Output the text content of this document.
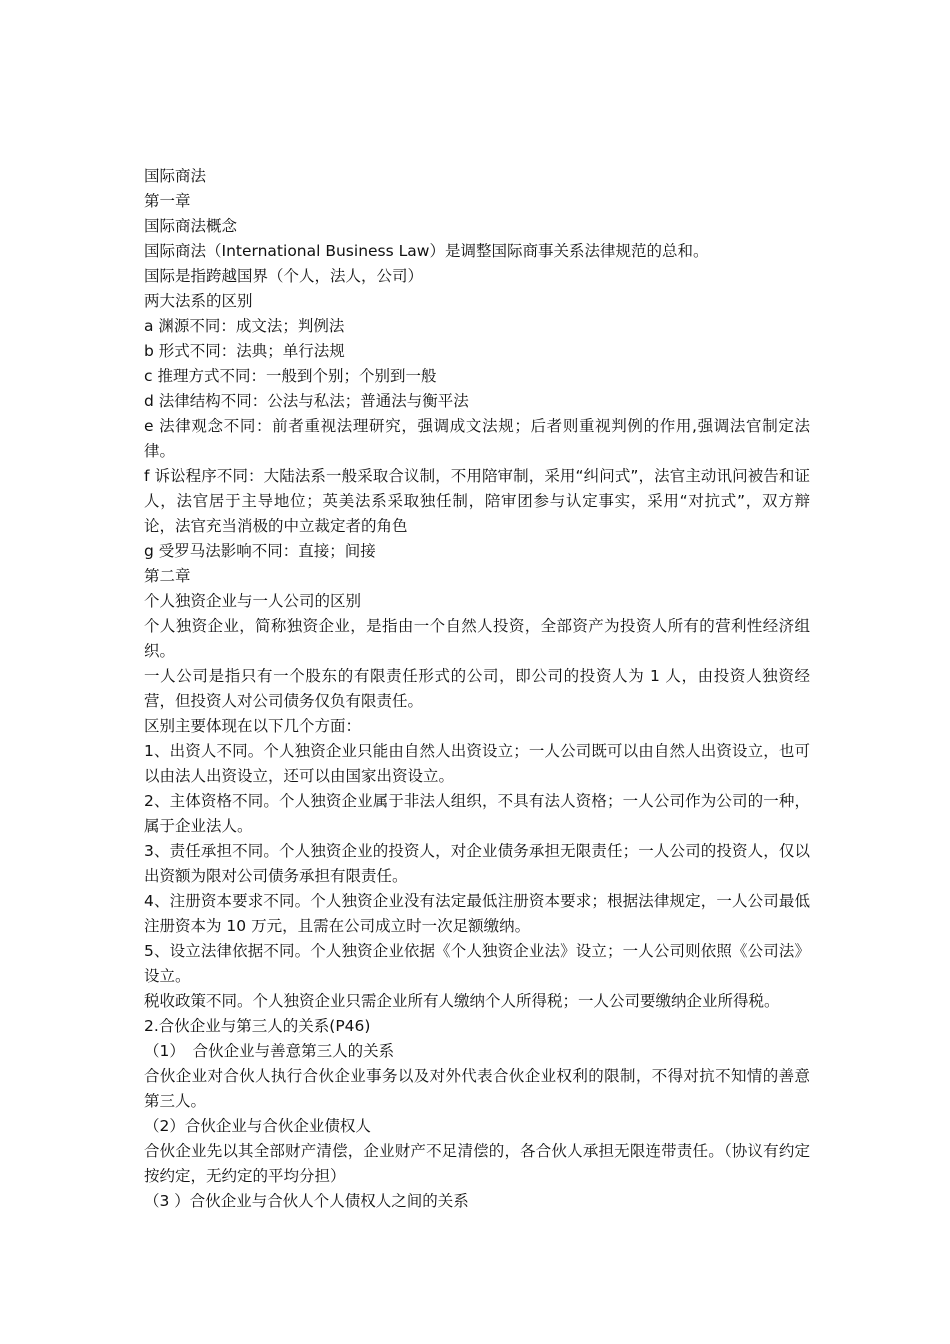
国际商法

第一章

国际商法概念

国际商法（International Business Law）是调整国际商事关系法律规范的总和。

国际是指跨越国界（个人，法人，公司）

两大法系的区别

a 渊源不同：成文法；判例法

b 形式不同：法典；单行法规

c 推理方式不同：一般到个别；个别到一般

d 法律结构不同：公法与私法；普通法与衡平法

e 法律观念不同：前者重视法理研究，强调成文法规；后者则重视判例的作用,强调法官制定法律。

f 诉讼程序不同：大陆法系一般采取合议制，不用陪审制，采用“纠问式”，法官主动讯问被告和证人，法官居于主导地位；英美法系采取独任制，陪审团参与认定事实，采用“对抗式”，双方辩论，法官充当消极的中立裁定者的角色

g 受罗马法影响不同：直接；间接

第二章

个人独资企业与一人公司的区别

个人独资企业，简称独资企业，是指由一个自然人投资，全部资产为投资人所有的营利性经济组织。

一人公司是指只有一个股东的有限责任形式的公司，即公司的投资人为 1 人，由投资人独资经营，但投资人对公司债务仅负有限责任。

区别主要体现在以下几个方面：

1、出资人不同。个人独资企业只能由自然人出资设立；一人公司既可以由自然人出资设立，也可以由法人出资设立，还可以由国家出资设立。

2、主体资格不同。个人独资企业属于非法人组织，不具有法人资格；一人公司作为公司的一种，属于企业法人。

3、责任承担不同。个人独资企业的投资人，对企业债务承担无限责任；一人公司的投资人，仅以出资额为限对公司债务承担有限责任。

4、注册资本要求不同。个人独资企业没有法定最低注册资本要求；根据法律规定，一人公司最低注册资本为 10 万元，且需在公司成立时一次足额缴纳。

5、设立法律依据不同。个人独资企业依据《个人独资企业法》设立；一人公司则依照《公司法》设立。

税收政策不同。个人独资企业只需企业所有人缴纳个人所得税；一人公司要缴纳企业所得税。

2.合伙企业与第三人的关系(P46)

（1）　合伙企业与善意第三人的关系

合伙企业对合伙人执行合伙企业事务以及对外代表合伙企业权利的限制，不得对抗不知情的善意第三人。

（2）合伙企业与合伙企业债权人

合伙企业先以其全部财产清偿，企业财产不足清偿的，各合伙人承担无限连带责任。（协议有约定按约定，无约定的平均分担）

（3 ）合伙企业与合伙人个人债权人之间的关系
